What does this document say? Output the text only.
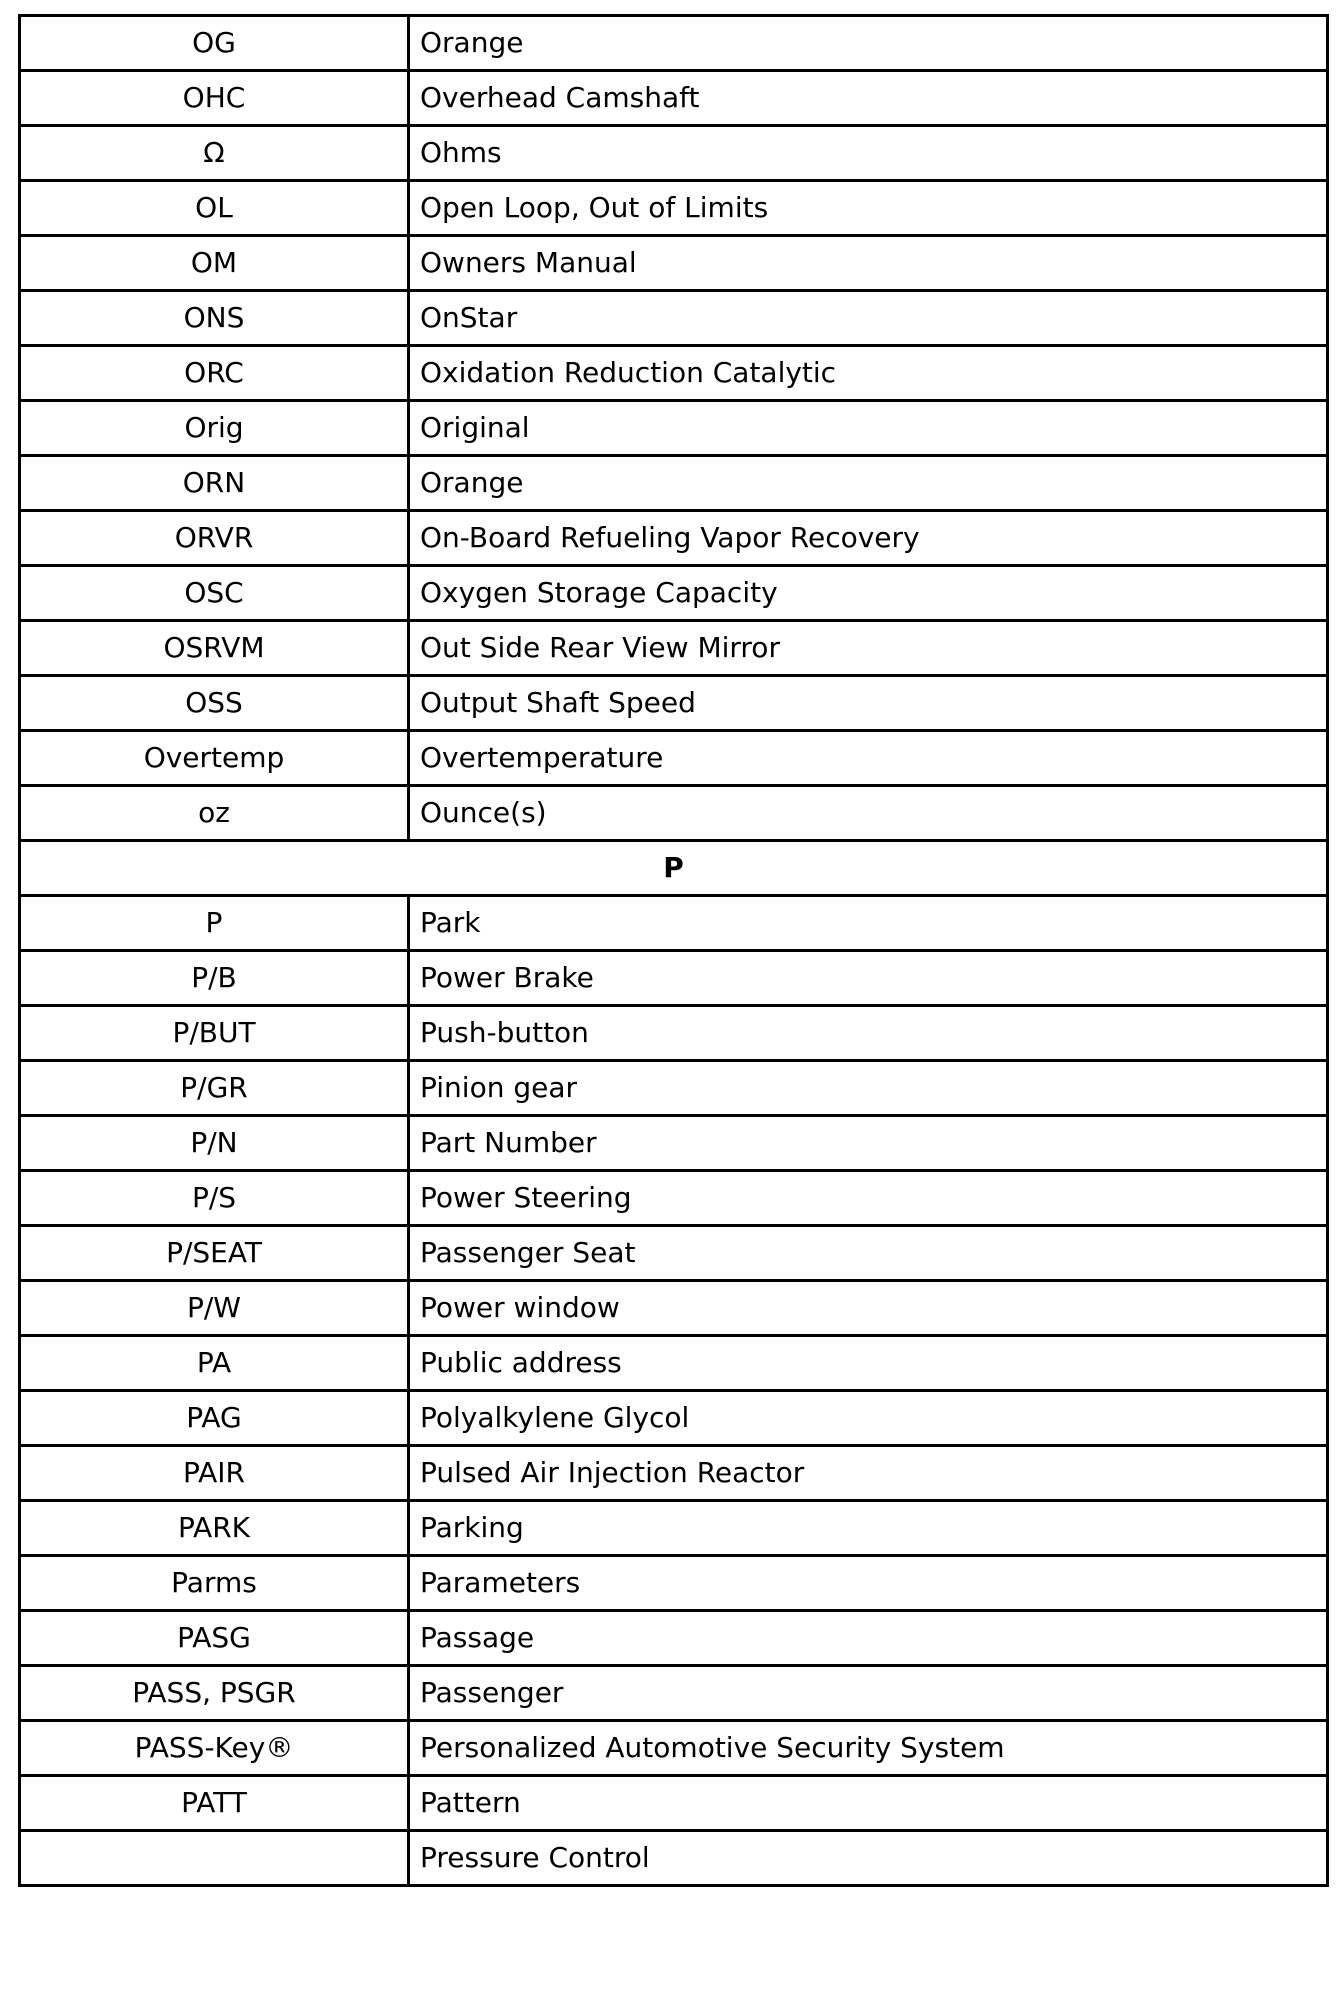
OG	Orange
OHC	Overhead Camshaft
Ω	Ohms
OL	Open Loop, Out of Limits
OM	Owners Manual
ONS	OnStar
ORC	Oxidation Reduction Catalytic
Orig	Original
ORN	Orange
ORVR	On-Board Refueling Vapor Recovery
OSC	Oxygen Storage Capacity
OSRVM	Out Side Rear View Mirror
OSS	Output Shaft Speed
Overtemp	Overtemperature
oz	Ounce(s)
P	
P	Park
P/B	Power Brake
P/BUT	Push-button
P/GR	Pinion gear
P/N	Part Number
P/S	Power Steering
P/SEAT	Passenger Seat
P/W	Power window
PA	Public address
PAG	Polyalkylene Glycol
PAIR	Pulsed Air Injection Reactor
PARK	Parking
Parms	Parameters
PASG	Passage
PASS, PSGR	Passenger
PASS-Key®	Personalized Automotive Security System
PATT	Pattern
	Pressure Control
